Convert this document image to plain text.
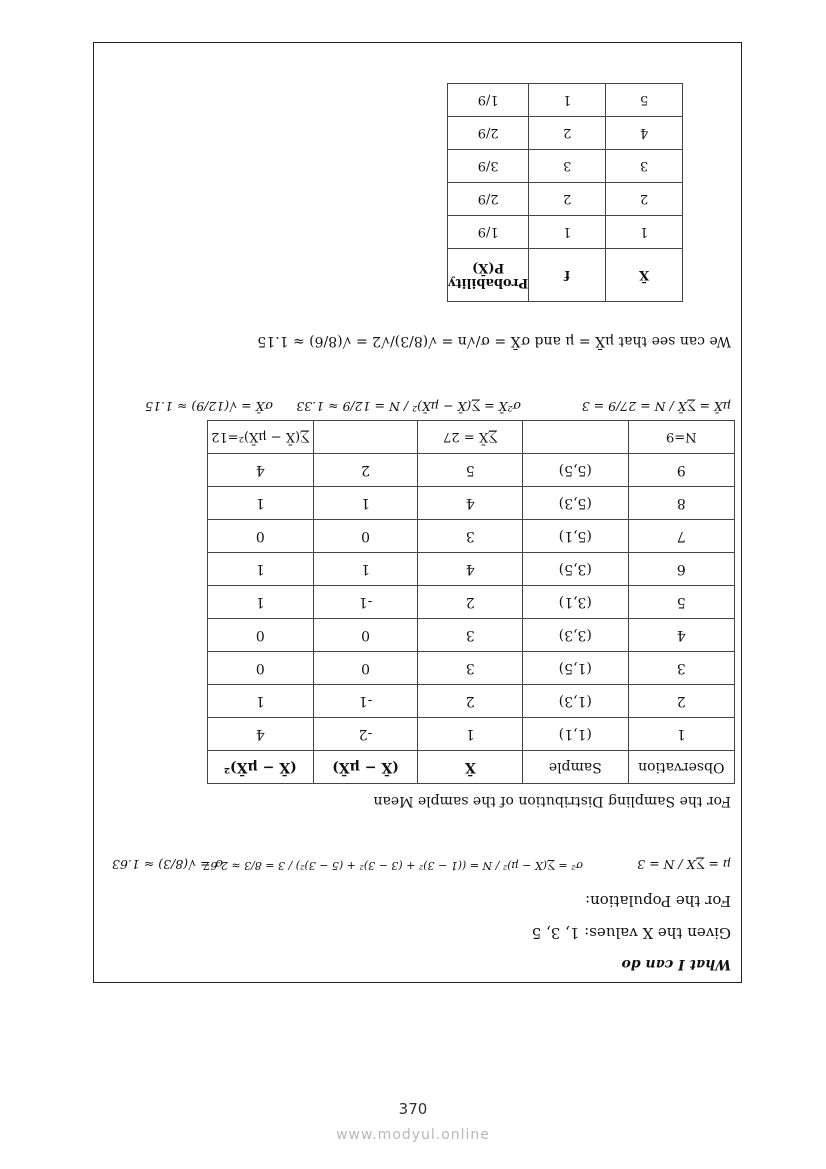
What I can do
Given the X values: 1, 3, 5
For the Population:
μ = ∑X / N = 3
σ² = ∑(X − μ)² / N = ((1 − 3)² + (3 − 3)² + (5 − 3)²) / 3 = 8/3 ≈ 2.67
σ = √(8/3) ≈ 1.63
For the Sampling Distribution of the sample Mean
Observation	Sample	X̄	(X̄ − μX̄)	(X̄ − μX̄)²
1	(1,1)	1	-2	4
2	(1,3)	2	-1	1
3	(1,5)	3	0	0
4	(3,3)	3	0	0
5	(3,1)	2	-1	1
6	(3,5)	4	1	1
7	(5,1)	3	0	0
8	(5,3)	4	1	1
9	(5,5)	5	2	4
N=9		∑X̄ = 27		∑(X̄ − μX̄)²=12
μX̄ = ∑X̄ / N = 27/9 = 3
σ²X̄ = ∑(X̄ − μX̄)² / N = 12/9 ≈ 1.33
σX̄ = √(12/9) ≈ 1.15
We can see that μX̄ = μ and σX̄ = σ/√n = √(8/3)/√2 = √(8/6) ≈ 1.15
X̄	f	Probability P(X̄)
1	1	1/9
2	2	2/9
3	3	3/9
4	2	2/9
5	1	1/9
370
www.modyul.online
